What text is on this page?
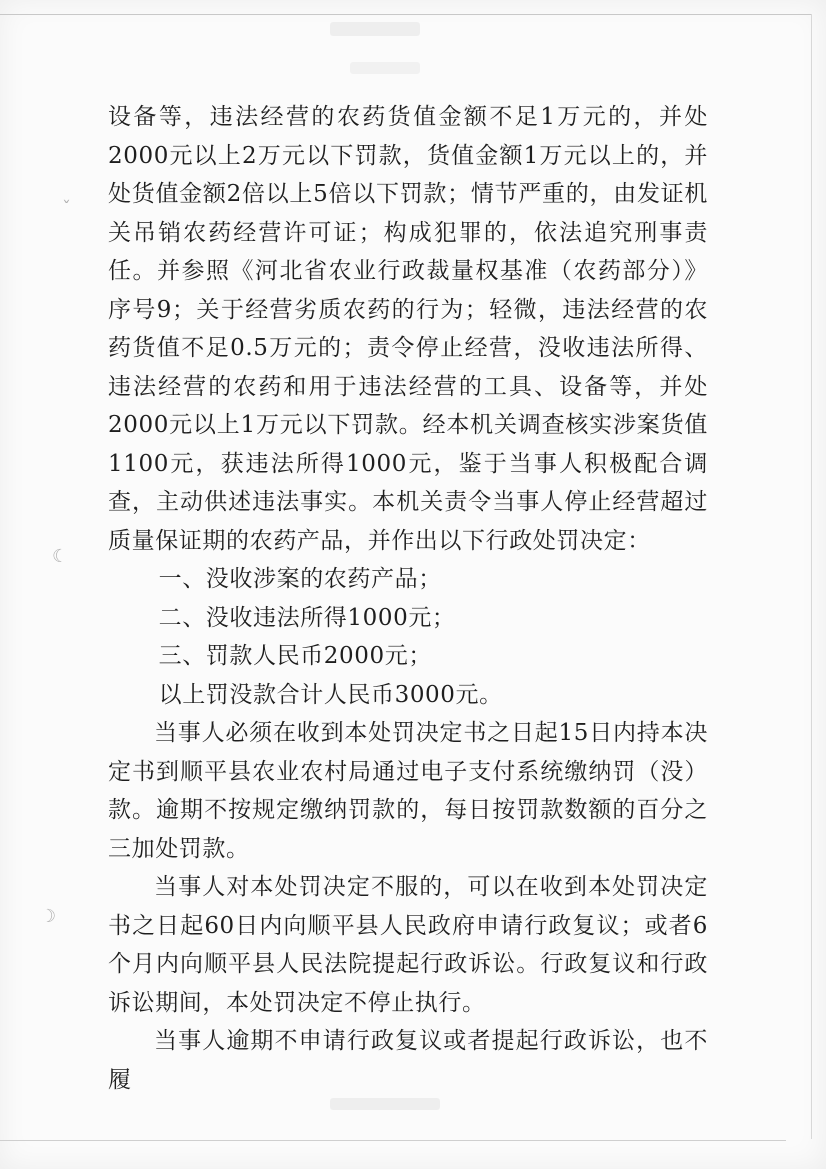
ˇ
☾
☽

设备等，违法经营的农药货值金额不足1万元的，并处2000元以上2万元以下罚款，货值金额1万元以上的，并处货值金额2倍以上5倍以下罚款；情节严重的，由发证机关吊销农药经营许可证；构成犯罪的，依法追究刑事责任。并参照《河北省农业行政裁量权基准（农药部分）》序号9；关于经营劣质农药的行为；轻微，违法经营的农药货值不足0.5万元的；责令停止经营，没收违法所得、违法经营的农药和用于违法经营的工具、设备等，并处2000元以上1万元以下罚款。经本机关调查核实涉案货值1100元，获违法所得1000元，鉴于当事人积极配合调查，主动供述违法事实。本机关责令当事人停止经营超过质量保证期的农药产品，并作出以下行政处罚决定：

一、没收涉案的农药产品；

二、没收违法所得1000元；

三、罚款人民币2000元；

以上罚没款合计人民币3000元。

当事人必须在收到本处罚决定书之日起15日内持本决定书到顺平县农业农村局通过电子支付系统缴纳罚（没）款。逾期不按规定缴纳罚款的，每日按罚款数额的百分之三加处罚款。

当事人对本处罚决定不服的，可以在收到本处罚决定书之日起60日内向顺平县人民政府申请行政复议；或者6个月内向顺平县人民法院提起行政诉讼。行政复议和行政诉讼期间，本处罚决定不停止执行。

当事人逾期不申请行政复议或者提起行政诉讼，也不履
